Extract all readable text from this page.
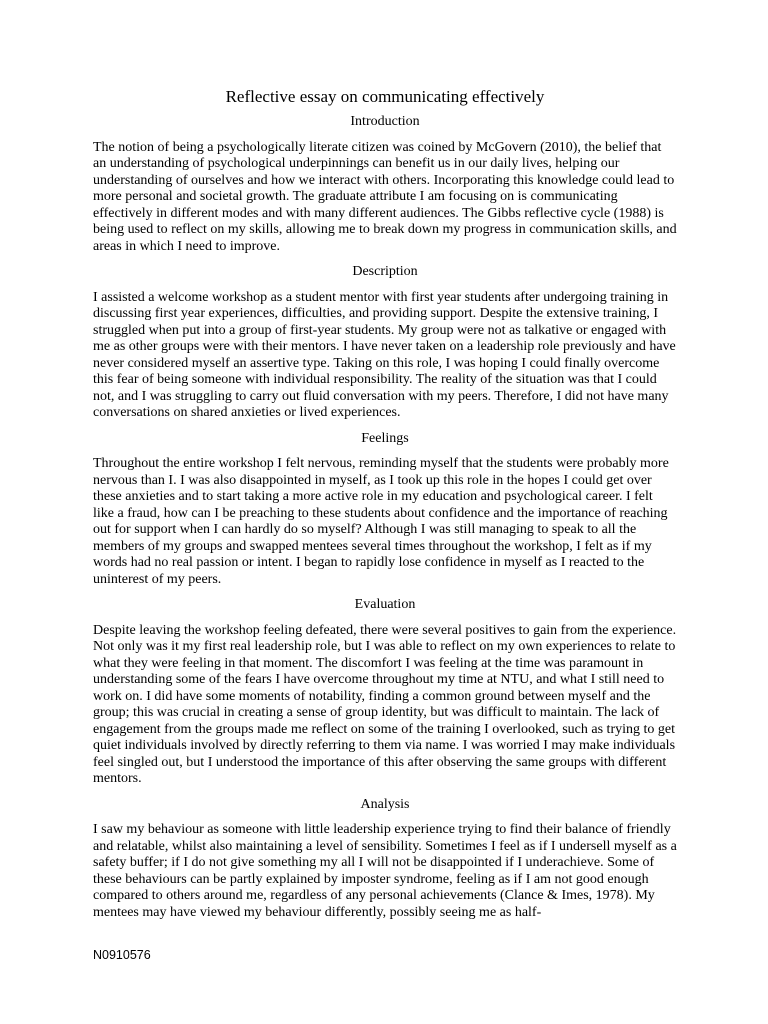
Reflective essay on communicating effectively
Introduction

The notion of being a psychologically literate citizen was coined by McGovern (2010), the belief that an understanding of psychological underpinnings can benefit us in our daily lives, helping our understanding of ourselves and how we interact with others. Incorporating this knowledge could lead to more personal and societal growth. The graduate attribute I am focusing on is communicating effectively in different modes and with many different audiences. The Gibbs reflective cycle (1988) is being used to reflect on my skills, allowing me to break down my progress in communication skills, and areas in which I need to improve.

Description

I assisted a welcome workshop as a student mentor with first year students after undergoing training in discussing first year experiences, difficulties, and providing support. Despite the extensive training, I struggled when put into a group of first-year students. My group were not as talkative or engaged with me as other groups were with their mentors. I have never taken on a leadership role previously and have never considered myself an assertive type. Taking on this role, I was hoping I could finally overcome this fear of being someone with individual responsibility. The reality of the situation was that I could not, and I was struggling to carry out fluid conversation with my peers. Therefore, I did not have many conversations on shared anxieties or lived experiences.

Feelings

Throughout the entire workshop I felt nervous, reminding myself that the students were probably more nervous than I. I was also disappointed in myself, as I took up this role in the hopes I could get over these anxieties and to start taking a more active role in my education and psychological career. I felt like a fraud, how can I be preaching to these students about confidence and the importance of reaching out for support when I can hardly do so myself? Although I was still managing to speak to all the members of my groups and swapped mentees several times throughout the workshop, I felt as if my words had no real passion or intent. I began to rapidly lose confidence in myself as I reacted to the uninterest of my peers.

Evaluation

Despite leaving the workshop feeling defeated, there were several positives to gain from the experience. Not only was it my first real leadership role, but I was able to reflect on my own experiences to relate to what they were feeling in that moment. The discomfort I was feeling at the time was paramount in understanding some of the fears I have overcome throughout my time at NTU, and what I still need to work on. I did have some moments of notability, finding a common ground between myself and the group; this was crucial in creating a sense of group identity, but was difficult to maintain. The lack of engagement from the groups made me reflect on some of the training I overlooked, such as trying to get quiet individuals involved by directly referring to them via name. I was worried I may make individuals feel singled out, but I understood the importance of this after observing the same groups with different mentors.

Analysis

I saw my behaviour as someone with little leadership experience trying to find their balance of friendly and relatable, whilst also maintaining a level of sensibility. Sometimes I feel as if I undersell myself as a safety buffer; if I do not give something my all I will not be disappointed if I underachieve. Some of these behaviours can be partly explained by imposter syndrome, feeling as if I am not good enough compared to others around me, regardless of any personal achievements (Clance & Imes, 1978). My mentees may have viewed my behaviour differently, possibly seeing me as half-

N0910576
